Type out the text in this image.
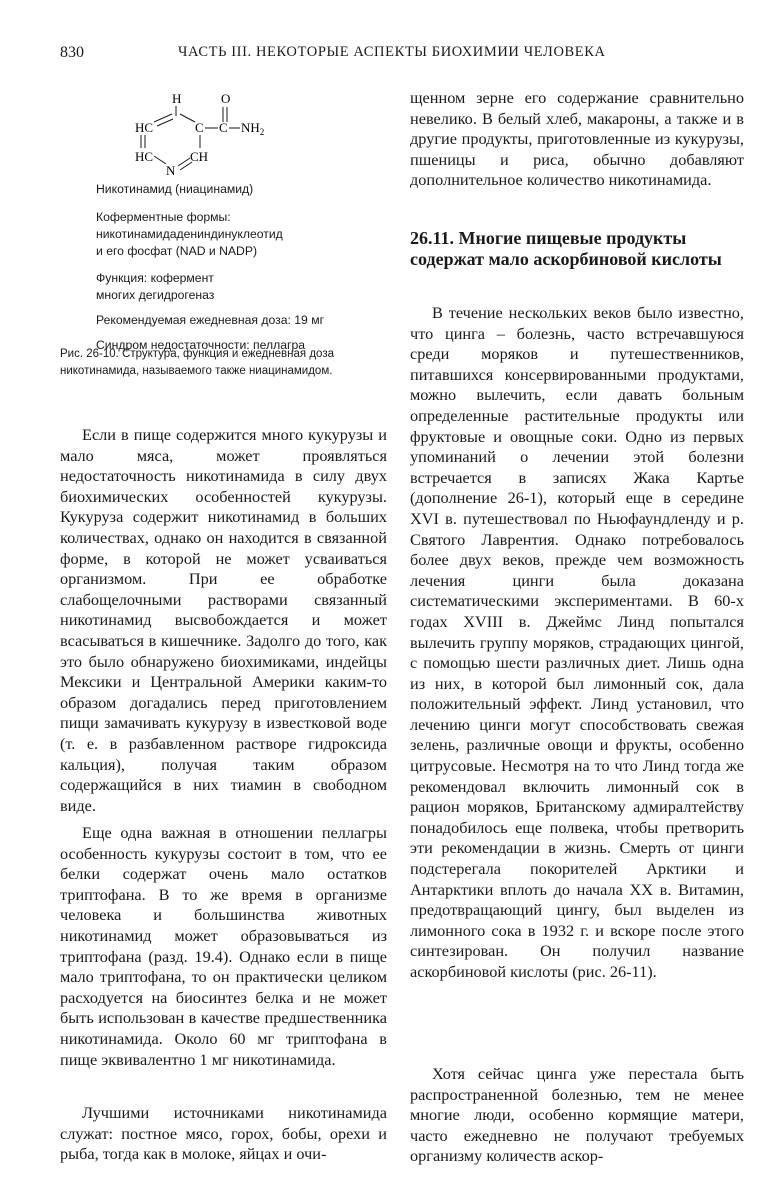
830	ЧАСТЬ III. НЕКОТОРЫЕ АСПЕКТЫ БИОХИМИИ ЧЕЛОВЕКА
H	O
HC	C C $NH_2$
HC
N
CH
Никотинамид (ниацинамид)
Коферментные формы:
никотинамидадениндинуклеотид
и его фосфат (NAD и NADP)
Функция: кофермент
многих дегидрогеназ
Рекомендуемая ежедневная доза: 19 мг
Синдром недостаточности: пеллагра
Рис. 26-10. Структура, функция и ежедневная доза никотинамида, называемого также ниацинамидом.
Если в пище содержится много кукурузы и мало мяса, может проявляться недостаточность никотинамида в силу двух биохимических особенностей кукурузы. Кукуруза содержит никотинамид в больших количествах, однако он находится в связанной форме, в которой не может усваиваться организмом. При ее обработке слабощелочными растворами связанный никотинамид высвобождается и может всасываться в кишечнике. Задолго до того, как это было обнаружено биохимиками, индейцы Мексики и Центральной Америки каким-то образом догадались перед приготовлением пищи замачивать кукурузу в известковой воде (т. е. в разбавленном растворе гидроксида кальция), получая таким образом содержащийся в них тиамин в свободном виде.
Еще одна важная в отношении пеллагры особенность кукурузы состоит в том, что ее белки содержат очень мало остатков триптофана. В то же время в организме человека и большинства животных никотинамид может образовываться из триптофана (разд. 19.4). Однако если в пище мало триптофана, то он практически целиком расходуется на биосинтез белка и не может быть использован в качестве предшественника никотинамида. Около 60 мг триптофана в пище эквивалентно 1 мг никотинамида.
Лучшими источниками никотинамида служат: постное мясо, горох, бобы, орехи и рыба, тогда как в молоке, яйцах и очи-
щенном зерне его содержание сравнительно невелико. В белый хлеб, макароны, а также и в другие продукты, приготовленные из кукурузы, пшеницы и риса, обычно добавляют дополнительное количество никотинамида.
26.11. Многие пищевые продукты содержат мало аскорбиновой кислоты
В течение нескольких веков было известно, что цинга – болезнь, часто встречавшуюся среди моряков и путешественников, питавшихся консервированными продуктами, можно вылечить, если давать больным определенные растительные продукты или фруктовые и овощные соки. Одно из первых упоминаний о лечении этой болезни встречается в записях Жака Картье (дополнение 26-1), который еще в середине XVI в. путешествовал по Ньюфаундленду и р. Святого Лаврентия. Однако потребовалось более двух веков, прежде чем возможность лечения цинги была доказана систематическими экспериментами. В 60-х годах XVIII в. Джеймс Линд попытался вылечить группу моряков, страдающих цингой, с помощью шести различных диет. Лишь одна из них, в которой был лимонный сок, дала положительный эффект. Линд установил, что лечению цинги могут способствовать свежая зелень, различные овощи и фрукты, особенно цитрусовые. Несмотря на то что Линд тогда же рекомендовал включить лимонный сок в рацион моряков, Британскому адмиралтейству понадобилось еще полвека, чтобы претворить эти рекомендации в жизнь. Смерть от цинги подстерегала покорителей Арктики и Антарктики вплоть до начала XX в. Витамин, предотвращающий цингу, был выделен из лимонного сока в 1932 г. и вскоре после этого синтезирован. Он получил название аскорбиновой кислоты (рис. 26-11).
Хотя сейчас цинга уже перестала быть распространенной болезнью, тем не менее многие люди, особенно кормящие матери, часто ежедневно не получают требуемых организму количеств аскор-
